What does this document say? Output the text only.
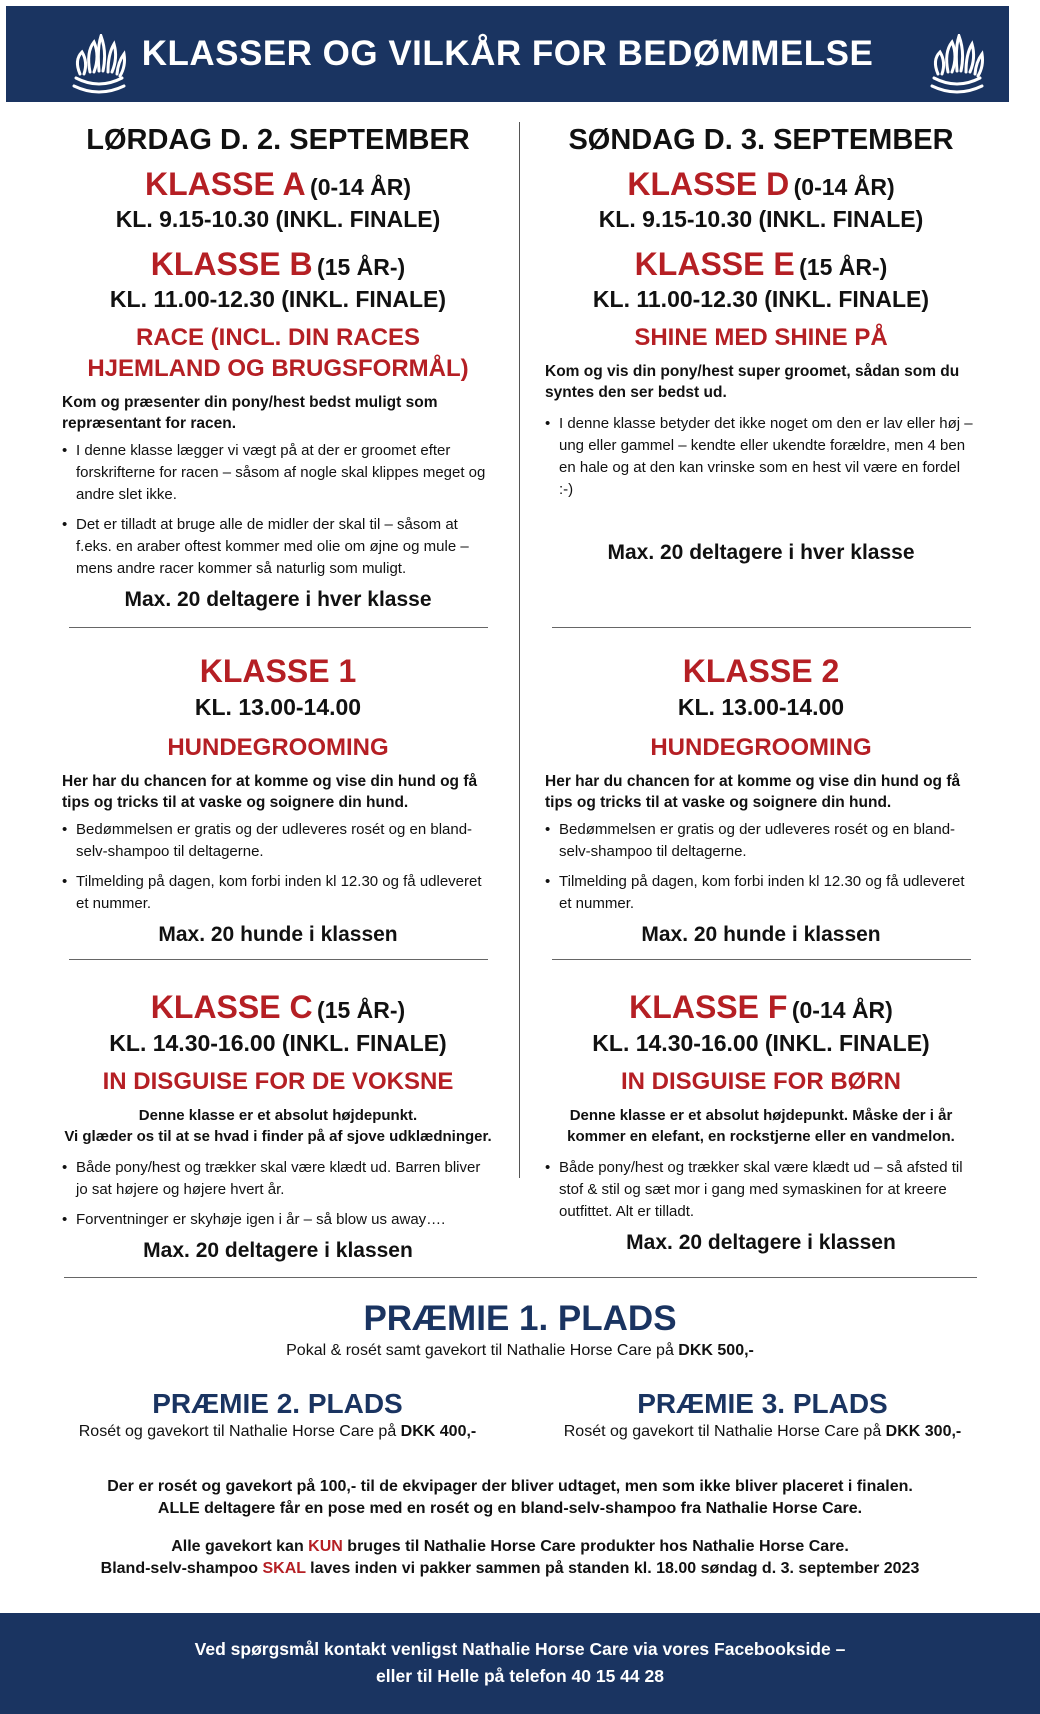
KLASSER OG VILKÅR FOR BEDØMMELSE
LØRDAG D. 2. SEPTEMBER
KLASSE A (0-14 ÅR)
KL. 9.15-10.30 (INKL. FINALE)
KLASSE B (15 ÅR-)
KL. 11.00-12.30 (INKL. FINALE)
RACE (INCL. DIN RACES
HJEMLAND OG BRUGSFORMÅL)
Kom og præsenter din pony/hest bedst muligt som repræsentant for racen.
• I denne klasse lægger vi vægt på at der er groomet efter forskrifterne for racen – såsom af nogle skal klippes meget og andre slet ikke.
• Det er tilladt at bruge alle de midler der skal til – såsom at f.eks. en araber oftest kommer med olie om øjne og mule – mens andre racer kommer så naturlig som muligt.
Max. 20 deltagere i hver klasse
KLASSE 1
KL. 13.00-14.00
HUNDEGROOMING
Her har du chancen for at komme og vise din hund og få tips og tricks til at vaske og soignere din hund.
• Bedømmelsen er gratis og der udleveres rosét og en bland-selv-shampoo til deltagerne.
• Tilmelding på dagen, kom forbi inden kl 12.30 og få udleveret et nummer.
Max. 20 hunde i klassen
KLASSE C (15 ÅR-)
KL. 14.30-16.00 (INKL. FINALE)
IN DISGUISE FOR DE VOKSNE
Denne klasse er et absolut højdepunkt.
Vi glæder os til at se hvad i finder på af sjove udklædninger.
• Både pony/hest og trækker skal være klædt ud. Barren bliver jo sat højere og højere hvert år.
• Forventninger er skyhøje igen i år – så blow us away….
Max. 20 deltagere i klassen
SØNDAG D. 3. SEPTEMBER
KLASSE D (0-14 ÅR)
KL. 9.15-10.30 (INKL. FINALE)
KLASSE E (15 ÅR-)
KL. 11.00-12.30 (INKL. FINALE)
SHINE MED SHINE PÅ
Kom og vis din pony/hest super groomet, sådan som du syntes den ser bedst ud.
• I denne klasse betyder det ikke noget om den er lav eller høj – ung eller gammel – kendte eller ukendte forældre, men 4 ben en hale og at den kan vrinske som en hest vil være en fordel :-)
Max. 20 deltagere i hver klasse
KLASSE 2
KL. 13.00-14.00
HUNDEGROOMING
Her har du chancen for at komme og vise din hund og få tips og tricks til at vaske og soignere din hund.
• Bedømmelsen er gratis og der udleveres rosét og en bland-selv-shampoo til deltagerne.
• Tilmelding på dagen, kom forbi inden kl 12.30 og få udleveret et nummer.
Max. 20 hunde i klassen
KLASSE F (0-14 ÅR)
KL. 14.30-16.00 (INKL. FINALE)
IN DISGUISE FOR BØRN
Denne klasse er et absolut højdepunkt. Måske der i år kommer en elefant, en rockstjerne eller en vandmelon.
• Både pony/hest og trækker skal være klædt ud – så afsted til stof & stil og sæt mor i gang med symaskinen for at kreere outfittet. Alt er tilladt.
Max. 20 deltagere i klassen
PRÆMIE 1. PLADS
Pokal & rosét samt gavekort til Nathalie Horse Care på DKK 500,-
PRÆMIE 2. PLADS
Rosét og gavekort til Nathalie Horse Care på DKK 400,-
PRÆMIE 3. PLADS
Rosét og gavekort til Nathalie Horse Care på DKK 300,-
Der er rosét og gavekort på 100,- til de ekvipager der bliver udtaget, men som ikke bliver placeret i finalen.
ALLE deltagere får en pose med en rosét og en bland-selv-shampoo fra Nathalie Horse Care.
Alle gavekort kan KUN bruges til Nathalie Horse Care produkter hos Nathalie Horse Care.
Bland-selv-shampoo SKAL laves inden vi pakker sammen på standen kl. 18.00 søndag d. 3. september 2023
Ved spørgsmål kontakt venligst Nathalie Horse Care via vores Facebookside –
eller til Helle på telefon 40 15 44 28
